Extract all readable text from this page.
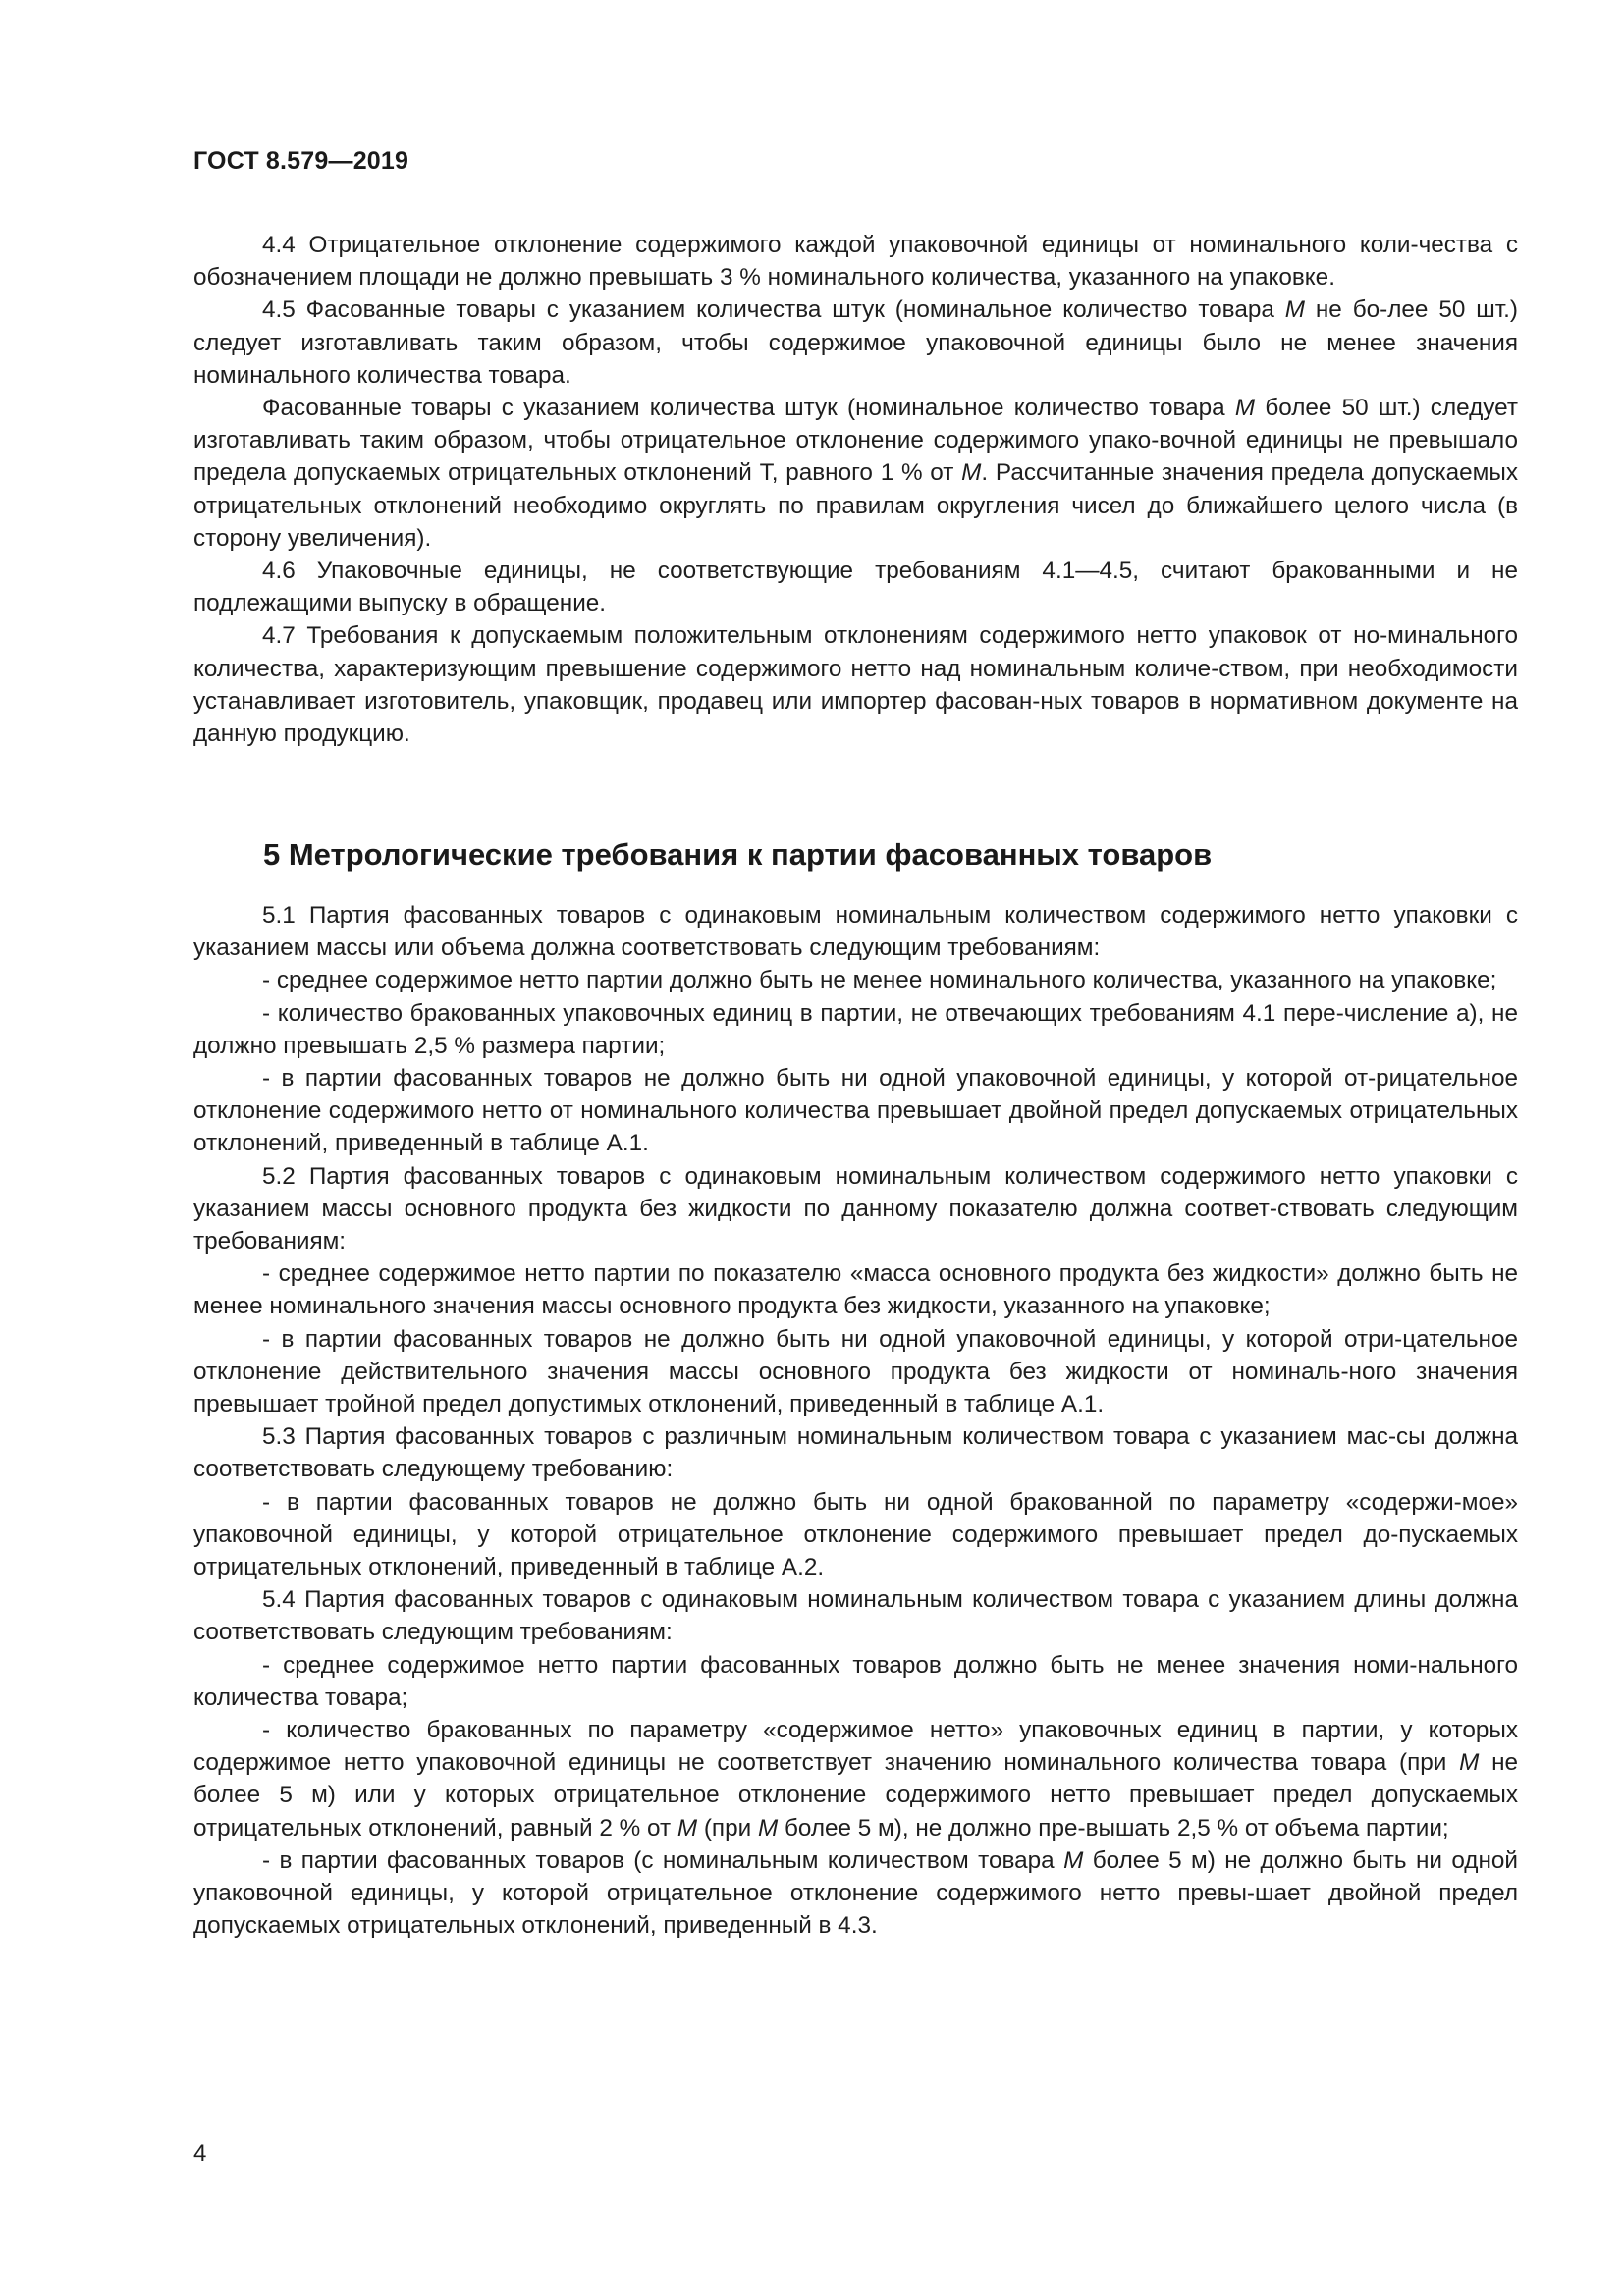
ГОСТ 8.579—2019

4.4 Отрицательное отклонение содержимого каждой упаковочной единицы от номинального коли-чества с обозначением площади не должно превышать 3 % номинального количества, указанного на упаковке.

4.5 Фасованные товары с указанием количества штук (номинальное количество товара M не бо-лее 50 шт.) следует изготавливать таким образом, чтобы содержимое упаковочной единицы было не менее значения номинального количества товара.

Фасованные товары с указанием количества штук (номинальное количество товара M более 50 шт.) следует изготавливать таким образом, чтобы отрицательное отклонение содержимого упако-вочной единицы не превышало предела допускаемых отрицательных отклонений Т, равного 1 % от M. Рассчитанные значения предела допускаемых отрицательных отклонений необходимо округлять по правилам округления чисел до ближайшего целого числа (в сторону увеличения).

4.6 Упаковочные единицы, не соответствующие требованиям 4.1—4.5, считают бракованными и не подлежащими выпуску в обращение.

4.7 Требования к допускаемым положительным отклонениям содержимого нетто упаковок от но-минального количества, характеризующим превышение содержимого нетто над номинальным количе-ством, при необходимости устанавливает изготовитель, упаковщик, продавец или импортер фасован-ных товаров в нормативном документе на данную продукцию.

5 Метрологические требования к партии фасованных товаров

5.1 Партия фасованных товаров с одинаковым номинальным количеством содержимого нетто упаковки с указанием массы или объема должна соответствовать следующим требованиям:

- среднее содержимое нетто партии должно быть не менее номинального количества, указанного на упаковке;

- количество бракованных упаковочных единиц в партии, не отвечающих требованиям 4.1 пере-числение а), не должно превышать 2,5 % размера партии;

- в партии фасованных товаров не должно быть ни одной упаковочной единицы, у которой от-рицательное отклонение содержимого нетто от номинального количества превышает двойной предел допускаемых отрицательных отклонений, приведенный в таблице А.1.

5.2 Партия фасованных товаров с одинаковым номинальным количеством содержимого нетто упаковки с указанием массы основного продукта без жидкости по данному показателю должна соответ-ствовать следующим требованиям:

- среднее содержимое нетто партии по показателю «масса основного продукта без жидкости» должно быть не менее номинального значения массы основного продукта без жидкости, указанного на упаковке;

- в партии фасованных товаров не должно быть ни одной упаковочной единицы, у которой отри-цательное отклонение действительного значения массы основного продукта без жидкости от номиналь-ного значения превышает тройной предел допустимых отклонений, приведенный в таблице А.1.

5.3 Партия фасованных товаров с различным номинальным количеством товара с указанием мас-сы должна соответствовать следующему требованию:

- в партии фасованных товаров не должно быть ни одной бракованной по параметру «содержи-мое» упаковочной единицы, у которой отрицательное отклонение содержимого превышает предел до-пускаемых отрицательных отклонений, приведенный в таблице А.2.

5.4 Партия фасованных товаров с одинаковым номинальным количеством товара с указанием длины должна соответствовать следующим требованиям:

- среднее содержимое нетто партии фасованных товаров должно быть не менее значения номи-нального количества товара;

- количество бракованных по параметру «содержимое нетто» упаковочных единиц в партии, у которых содержимое нетто упаковочной единицы не соответствует значению номинального количества товара (при M не более 5 м) или у которых отрицательное отклонение содержимого нетто превышает предел допускаемых отрицательных отклонений, равный 2 % от M (при M более 5 м), не должно пре-вышать 2,5 % от объема партии;

- в партии фасованных товаров (с номинальным количеством товара M более 5 м) не должно быть ни одной упаковочной единицы, у которой отрицательное отклонение содержимого нетто превы-шает двойной предел допускаемых отрицательных отклонений, приведенный в 4.3.

4
